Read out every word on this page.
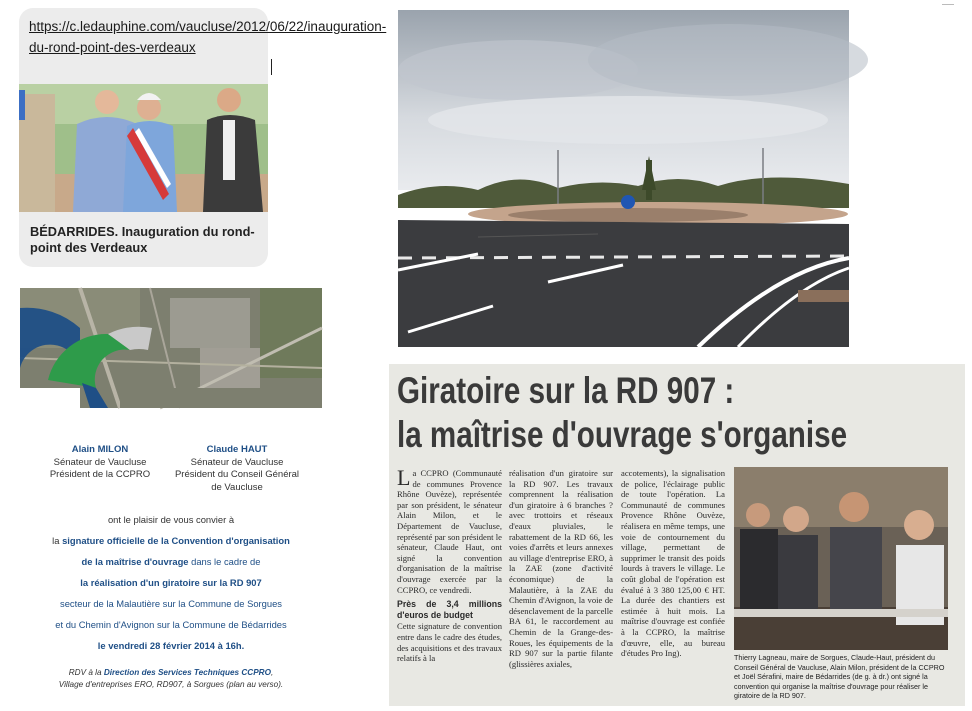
https://c.ledauphine.com/vaucluse/2012/06/22/inauguration-du-rond-point-des-verdeaux
BÉDARRIDES. Inauguration du rond-point des Verdeaux
Alain MILON
Sénateur de Vaucluse
Président de la CCPRO
Claude HAUT
Sénateur de Vaucluse
Président du Conseil Général de Vaucluse
ont le plaisir de vous convier à
la signature officielle de la Convention d'organisation
de la maîtrise d'ouvrage dans le cadre de
la réalisation d'un giratoire sur la RD 907
secteur de la Malautière sur la Commune de Sorgues
et du Chemin d'Avignon sur la Commune de Bédarrides
le vendredi 28 février 2014 à 16h.
RDV à la Direction des Services Techniques CCPRO,
Village d'entreprises ERO, RD907, à Sorgues (plan au verso).
Giratoire sur la RD 907 :
la maîtrise d'ouvrage s'organise
La CCPRO (Communauté de communes Provence Rhône Ouvèze), représentée par son président, le sénateur Alain Milon, et le Département de Vaucluse, représenté par son président le sénateur, Claude Haut, ont signé la convention d'organisation de la maîtrise d'ouvrage exercée par la CCPRO, ce vendredi.
Près de 3,4 millions d'euros de budget
Cette signature de convention entre dans le cadre des études, des acquisitions et des travaux relatifs à la
réalisation d'un giratoire sur la RD 907. Les travaux comprennent la réalisation d'un giratoire à 6 branches ? avec trottoirs et réseaux d'eaux pluviales, le rabattement de la RD 66, les voies d'arrêts et leurs annexes au village d'entreprise ERO, à la ZAE (zone d'activité économique) de la Malautière, à la ZAE du Chemin d'Avignon, la voie de désenclavement de la parcelle BA 61, le raccordement au Chemin de la Grange-des-Roues, les équipements de la RD 907 sur la partie filante (glissières axiales,
accotements), la signalisation de police, l'éclairage public de toute l'opération. La Communauté de communes Provence Rhône Ouvèze, réalisera en même temps, une voie de contournement du village, permettant de supprimer le transit des poids lourds à travers le village. Le coût global de l'opération est évalué à 3 380 125,00 € HT. La durée des chantiers est estimée à huit mois. La maîtrise d'ouvrage est confiée à la CCPRO, la maîtrise d'œuvre, elle, au bureau d'études Pro Ing).	Thierry Lagneau, maire de Sorgues, Claude-Haut, président du Conseil Général de Vaucluse, Alain Milon, président de la CCPRO et Joël Sérafini, maire de Bédarrides (de g. à dr.) ont signé la convention qui organise la maîtrise d'ouvrage pour réaliser le giratoire de la RD 907.
